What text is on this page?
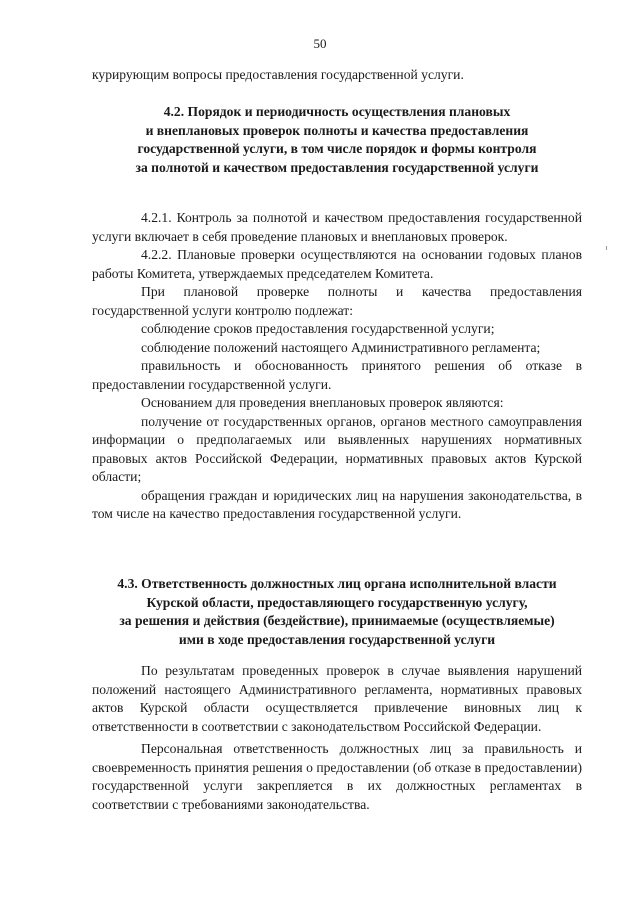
50

курирующим вопросы предоставления государственной услуги.

4.2. Порядок и периодичность осуществления плановых
и внеплановых проверок полноты и качества предоставления
государственной услуги, в том числе порядок и формы контроля
за полнотой и качеством предоставления государственной услуги

4.2.1. Контроль за полнотой и качеством предоставления государственной услуги включает в себя проведение плановых и внеплановых проверок.

4.2.2. Плановые проверки осуществляются на основании годовых планов работы Комитета, утверждаемых председателем Комитета.

При плановой проверке полноты и качества предоставления государственной услуги контролю подлежат:

соблюдение сроков предоставления государственной услуги;

соблюдение положений настоящего Административного регламента;

правильность и обоснованность принятого решения об отказе в предоставлении государственной услуги.

Основанием для проведения внеплановых проверок являются:

получение от государственных органов, органов местного самоуправления информации о предполагаемых или выявленных нарушениях нормативных правовых актов Российской Федерации, нормативных правовых актов Курской области;

обращения граждан и юридических лиц на нарушения законодательства, в том числе на качество предоставления государственной услуги.

4.3. Ответственность должностных лиц органа исполнительной власти
Курской области, предоставляющего государственную услугу,
за решения и действия (бездействие), принимаемые (осуществляемые)
ими в ходе предоставления государственной услуги

По результатам проведенных проверок в случае выявления нарушений положений настоящего Административного регламента, нормативных правовых актов Курской области осуществляется привлечение виновных лиц к ответственности в соответствии с законодательством Российской Федерации.

Персональная ответственность должностных лиц за правильность и своевременность принятия решения о предоставлении (об отказе в предоставлении) государственной услуги закрепляется в их должностных регламентах в соответствии с требованиями законодательства.
